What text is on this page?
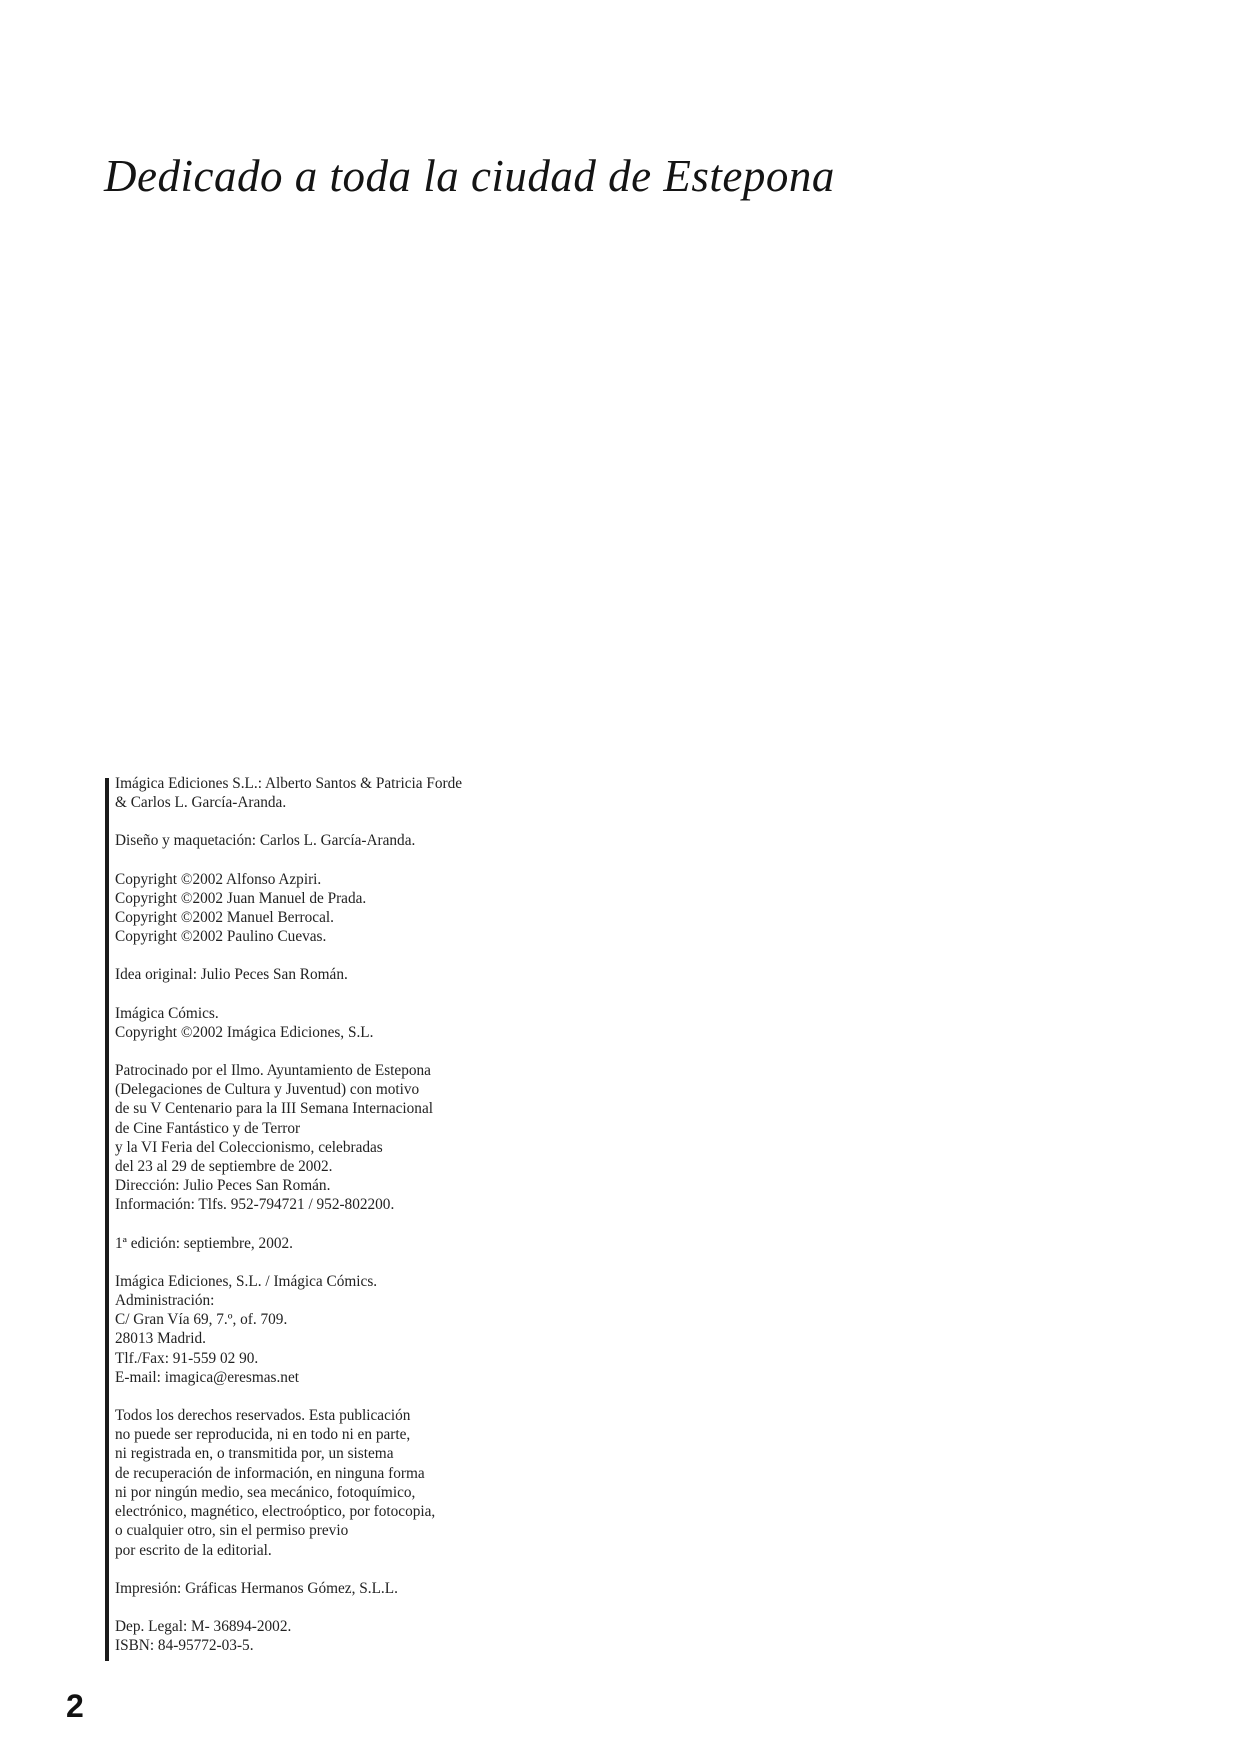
Dedicado a toda la ciudad de Estepona

Imágica Ediciones S.L.: Alberto Santos & Patricia Forde
& Carlos L. García-Aranda.

Diseño y maquetación: Carlos L. García-Aranda.

Copyright ©2002 Alfonso Azpiri.
Copyright ©2002 Juan Manuel de Prada.
Copyright ©2002 Manuel Berrocal.
Copyright ©2002 Paulino Cuevas.

Idea original: Julio Peces San Román.

Imágica Cómics.
Copyright ©2002 Imágica Ediciones, S.L.

Patrocinado por el Ilmo. Ayuntamiento de Estepona
(Delegaciones de Cultura y Juventud) con motivo
de su V Centenario para la III Semana Internacional
de Cine Fantástico y de Terror
y la VI Feria del Coleccionismo, celebradas
del 23 al 29 de septiembre de 2002.
Dirección: Julio Peces San Román.
Información: Tlfs. 952-794721 / 952-802200.

1ª edición: septiembre, 2002.

Imágica Ediciones, S.L. / Imágica Cómics.
Administración:
C/ Gran Vía 69, 7.º, of. 709.
28013 Madrid.
Tlf./Fax: 91-559 02 90.
E-mail: imagica@eresmas.net

Todos los derechos reservados. Esta publicación
no puede ser reproducida, ni en todo ni en parte,
ni registrada en, o transmitida por, un sistema
de recuperación de información, en ninguna forma
ni por ningún medio, sea mecánico, fotoquímico,
electrónico, magnético, electroóptico, por fotocopia,
o cualquier otro, sin el permiso previo
por escrito de la editorial.

Impresión: Gráficas Hermanos Gómez, S.L.L.

Dep. Legal: M- 36894-2002.
ISBN: 84-95772-03-5.

2
